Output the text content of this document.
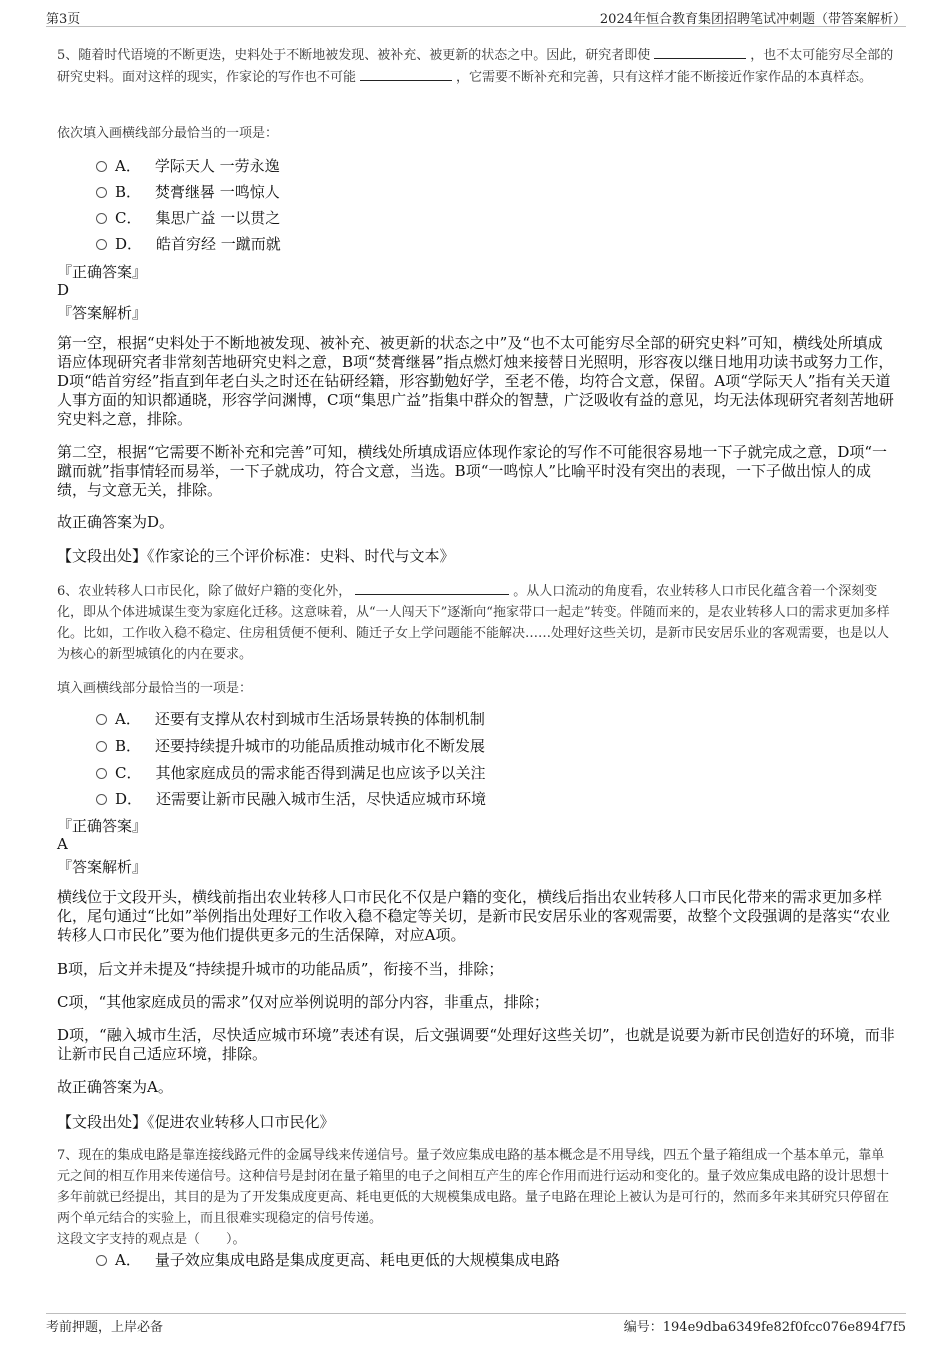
第3页	2024年恒合教育集团招聘笔试冲刺题（带答案解析）
5、随着时代语境的不断更迭，史料处于不断地被发现、被补充、被更新的状态之中。因此，研究者即使	，也不太可能穷尽全部的研究史料。面对这样的现实，作家论的写作也不可能	，它需要不断补充和完善，只有这样才能不断接近作家作品的本真样态。
依次填入画横线部分最恰当的一项是：
A． 学际天人 一劳永逸
B． 焚膏继晷 一鸣惊人
C． 集思广益 一以贯之
D． 皓首穷经 一蹴而就
『正确答案』
D
『答案解析』
第一空，根据“史料处于不断地被发现、被补充、被更新的状态之中”及“也不太可能穷尽全部的研究史料”可知，横线处所填成语应体现研究者非常刻苦地研究史料之意，B项“焚膏继晷”指点燃灯烛来接替日光照明，形容夜以继日地用功读书或努力工作，D项“皓首穷经”指直到年老白头之时还在钻研经籍，形容勤勉好学，至老不倦，均符合文意，保留。A项“学际天人”指有关天道人事方面的知识都通晓，形容学问渊博，C项“集思广益”指集中群众的智慧，广泛吸收有益的意见，均无法体现研究者刻苦地研究史料之意，排除。
第二空，根据“它需要不断补充和完善”可知，横线处所填成语应体现作家论的写作不可能很容易地一下子就完成之意，D项“一蹴而就”指事情轻而易举，一下子就成功，符合文意，当选。B项“一鸣惊人”比喻平时没有突出的表现，一下子做出惊人的成绩，与文意无关，排除。
故正确答案为D。
【文段出处】《作家论的三个评价标准：史料、时代与文本》
6、农业转移人口市民化，除了做好户籍的变化外，	。从人口流动的角度看，农业转移人口市民化蕴含着一个深刻变化，即从个体进城谋生变为家庭化迁移。这意味着，从“一人闯天下”逐渐向“拖家带口一起走”转变。伴随而来的，是农业转移人口的需求更加多样化。比如，工作收入稳不稳定、住房租赁便不便利、随迁子女上学问题能不能解决……处理好这些关切，是新市民安居乐业的客观需要，也是以人为核心的新型城镇化的内在要求。
填入画横线部分最恰当的一项是：
A． 还要有支撑从农村到城市生活场景转换的体制机制
B． 还要持续提升城市的功能品质推动城市化不断发展
C． 其他家庭成员的需求能否得到满足也应该予以关注
D． 还需要让新市民融入城市生活，尽快适应城市环境
『正确答案』
A
『答案解析』
横线位于文段开头，横线前指出农业转移人口市民化不仅是户籍的变化，横线后指出农业转移人口市民化带来的需求更加多样化，尾句通过“比如”举例指出处理好工作收入稳不稳定等关切，是新市民安居乐业的客观需要，故整个文段强调的是落实“农业转移人口市民化”要为他们提供更多元的生活保障，对应A项。
B项，后文并未提及“持续提升城市的功能品质”，衔接不当，排除；
C项，“其他家庭成员的需求”仅对应举例说明的部分内容，非重点，排除；
D项，“融入城市生活，尽快适应城市环境”表述有误，后文强调要“处理好这些关切”，也就是说要为新市民创造好的环境，而非让新市民自己适应环境，排除。
故正确答案为A。
【文段出处】《促进农业转移人口市民化》
7、现在的集成电路是靠连接线路元件的金属导线来传递信号。量子效应集成电路的基本概念是不用导线，四五个量子箱组成一个基本单元，靠单元之间的相互作用来传递信号。这种信号是封闭在量子箱里的电子之间相互产生的库仑作用而进行运动和变化的。量子效应集成电路的设计思想十多年前就已经提出，其目的是为了开发集成度更高、耗电更低的大规模集成电路。量子电路在理论上被认为是可行的，然而多年来其研究只停留在两个单元结合的实验上，而且很难实现稳定的信号传递。
这段文字支持的观点是（　　）。
A． 量子效应集成电路是集成度更高、耗电更低的大规模集成电路
考前押题，上岸必备	编号：194e9dba6349fe82f0fcc076e894f7f5
